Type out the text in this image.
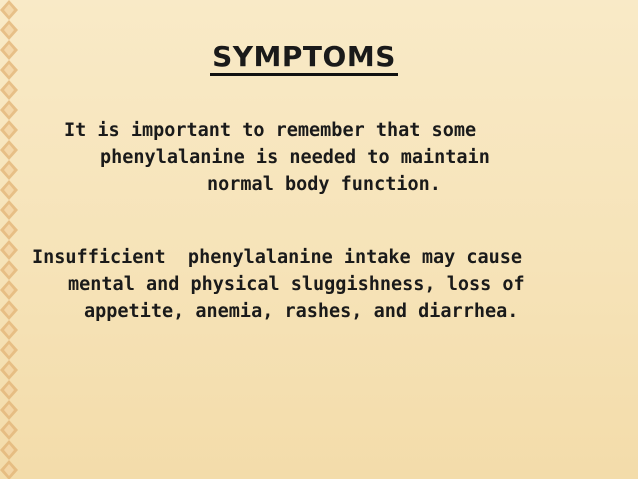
SYMPTOMS
It is important to remember that some
phenylalanine is needed to maintain
normal body function.
Insufficient  phenylalanine intake may cause
mental and physical sluggishness, loss of
appetite, anemia, rashes, and diarrhea.
